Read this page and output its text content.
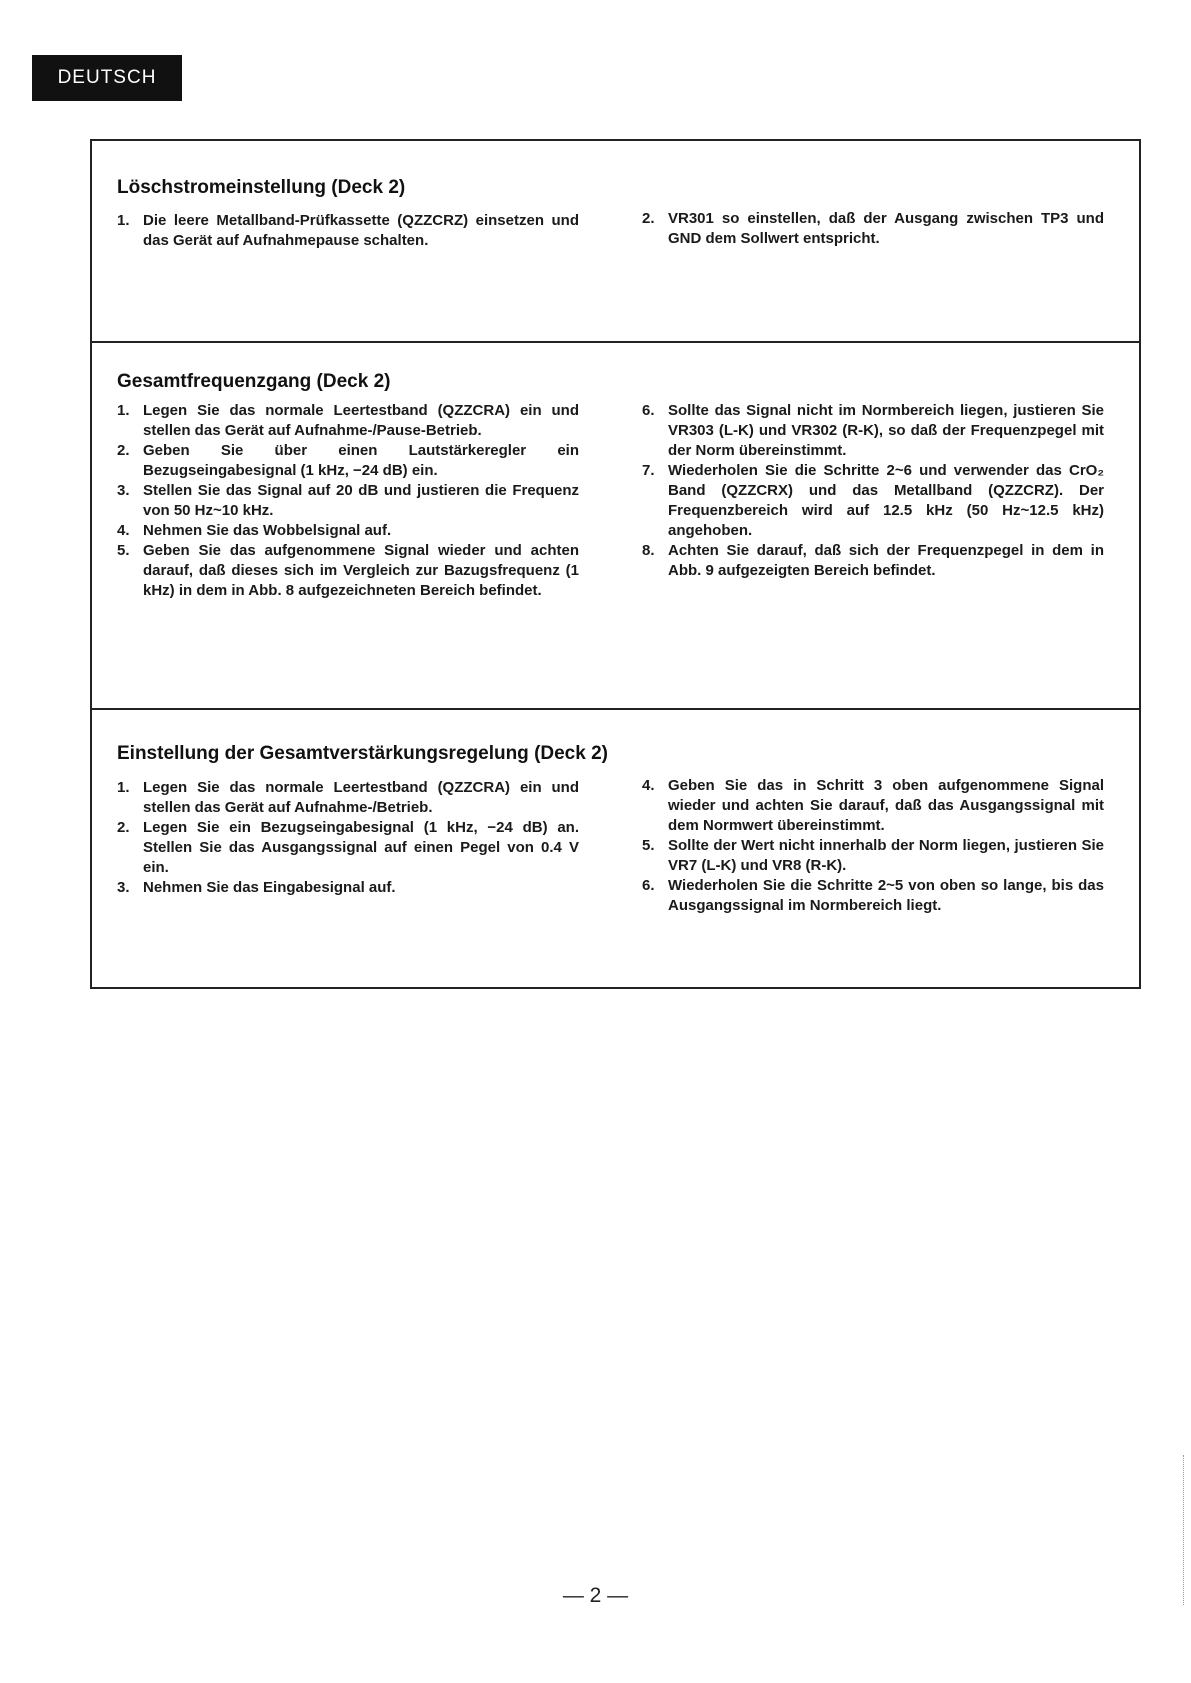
DEUTSCH
Löschstromeinstellung (Deck 2)
1. Die leere Metallband-Prüfkassette (QZZCRZ) einsetzen und das Gerät auf Aufnahmepause schalten.
2. VR301 so einstellen, daß der Ausgang zwischen TP3 und GND dem Sollwert entspricht.
Gesamtfrequenzgang (Deck 2)
1. Legen Sie das normale Leertestband (QZZCRA) ein und stellen das Gerät auf Aufnahme-/Pause-Betrieb.
2. Geben Sie über einen Lautstärkeregler ein Bezugseingabesignal (1 kHz, −24 dB) ein.
3. Stellen Sie das Signal auf 20 dB und justieren die Frequenz von 50 Hz~10 kHz.
4. Nehmen Sie das Wobbelsignal auf.
5. Geben Sie das aufgenommene Signal wieder und achten darauf, daß dieses sich im Vergleich zur Bazugsfrequenz (1 kHz) in dem in Abb. 8 aufgezeichneten Bereich befindet.
6. Sollte das Signal nicht im Normbereich liegen, justieren Sie VR303 (L-K) und VR302 (R-K), so daß der Frequenzpegel mit der Norm übereinstimmt.
7. Wiederholen Sie die Schritte 2~6 und verwender das CrO₂ Band (QZZCRX) und das Metallband (QZZCRZ). Der Frequenzbereich wird auf 12.5 kHz (50 Hz~12.5 kHz) angehoben.
8. Achten Sie darauf, daß sich der Frequenzpegel in dem in Abb. 9 aufgezeigten Bereich befindet.
Einstellung der Gesamtverstärkungsregelung (Deck 2)
1. Legen Sie das normale Leertestband (QZZCRA) ein und stellen das Gerät auf Aufnahme-/Betrieb.
2. Legen Sie ein Bezugseingabesignal (1 kHz, −24 dB) an. Stellen Sie das Ausgangssignal auf einen Pegel von 0.4 V ein.
3. Nehmen Sie das Eingabesignal auf.
4. Geben Sie das in Schritt 3 oben aufgenommene Signal wieder und achten Sie darauf, daß das Ausgangssignal mit dem Normwert übereinstimmt.
5. Sollte der Wert nicht innerhalb der Norm liegen, justieren Sie VR7 (L-K) und VR8 (R-K).
6. Wiederholen Sie die Schritte 2~5 von oben so lange, bis das Ausgangssignal im Normbereich liegt.
— 2 —
